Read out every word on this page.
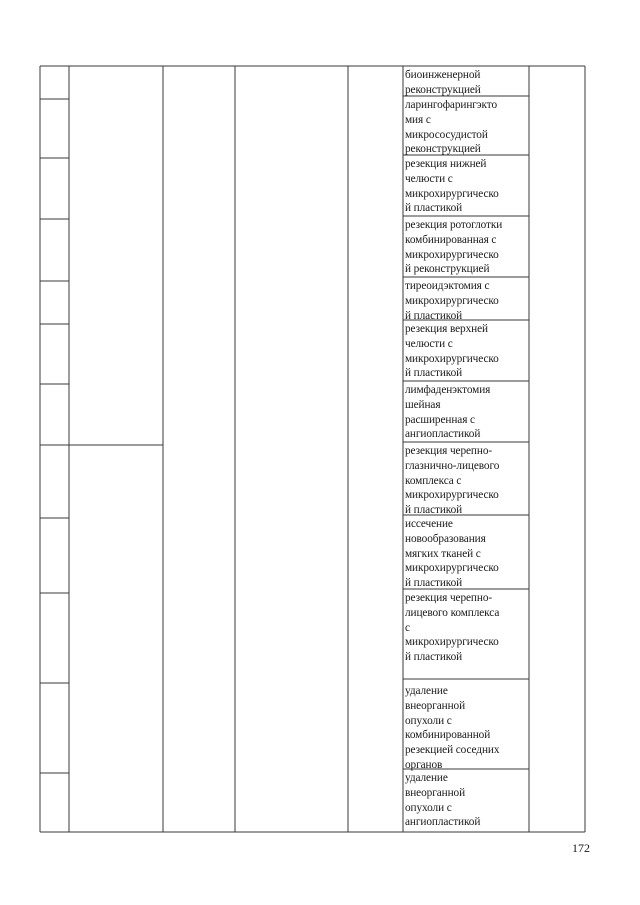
биоинженерной
реконструкцией
ларингофарингэкто
мия с
микрососудистой
реконструкцией
резекция нижней
челюсти с
микрохирургическо
й пластикой
резекция ротоглотки
комбинированная с
микрохирургическо
й реконструкцией
тиреоидэктомия с
микрохирургическо
й пластикой
резекция верхней
челюсти с
микрохирургическо
й пластикой
лимфаденэктомия
шейная
расширенная с
ангиопластикой
резекция черепно-
глазнично-лицевого
комплекса с
микрохирургическо
й пластикой
иссечение
новообразования
мягких тканей с
микрохирургическо
й пластикой
резекция черепно-
лицевого комплекса
с
микрохирургическо
й пластикой
удаление
внеорганной
опухоли с
комбинированной
резекцией соседних
органов
удаление
внеорганной
опухоли с
ангиопластикой
172
